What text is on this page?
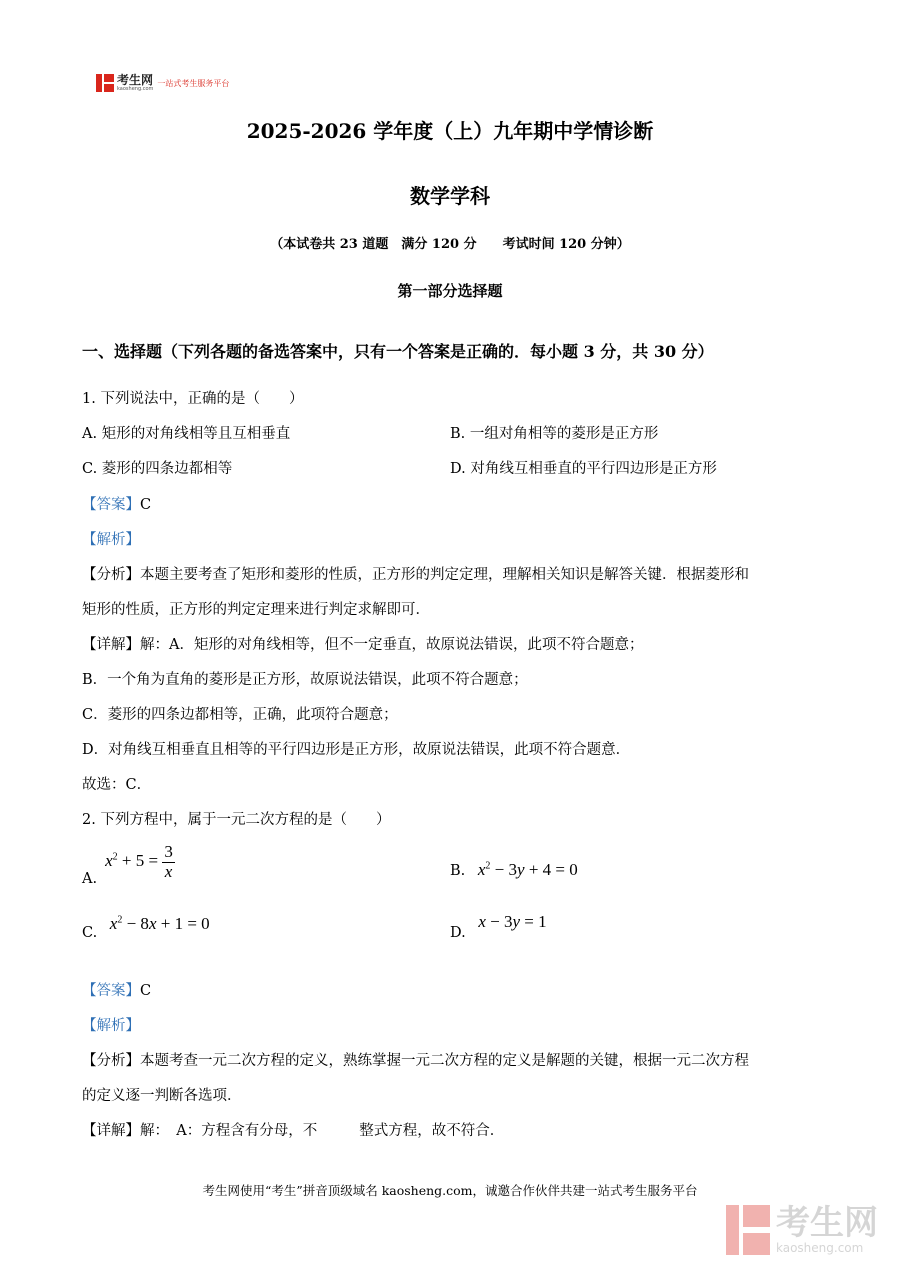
考生网
kaosheng.com
一站式考生服务平台
2025-2026 学年度（上）九年期中学情诊断
数学学科
（本试卷共 23 道题　满分 120 分　　考试时间 120 分钟）
第一部分选择题
一、选择题（下列各题的备选答案中，只有一个答案是正确的．每小题 3 分，共 30 分）
1. 下列说法中，正确的是（　　）
A. 矩形的对角线相等且互相垂直	B. 一组对角相等的菱形是正方形
C. 菱形的四条边都相等	D. 对角线互相垂直的平行四边形是正方形
【答案】C
【解析】
【分析】本题主要考查了矩形和菱形的性质，正方形的判定定理，理解相关知识是解答关键．根据菱形和
矩形的性质，正方形的判定定理来进行判定求解即可．
【详解】解：A．矩形的对角线相等，但不一定垂直，故原说法错误，此项不符合题意；
B．一个角为直角的菱形是正方形，故原说法错误，此项不符合题意；
C．菱形的四条边都相等，正确，此项符合题意；
D．对角线互相垂直且相等的平行四边形是正方形，故原说法错误，此项不符合题意．
故选：C．
2. 下列方程中，属于一元二次方程的是（　　）
A.
$x^2 + 5 = \frac{3}{x}$	B. $x^2 - 3y + 4 = 0$
C. $x^2 - 8x + 1 = 0$	D. x − 3y = 1
【答案】C
【解析】
【分析】本题考查一元二次方程的定义，熟练掌握一元二次方程的定义是解题的关键，根据一元二次方程
的定义逐一判断各选项．
【详解】解：　A：方程含有分母，不	整式方程，故不符合．
考生网使用“考生”拼音顶级域名 kaosheng.com，诚邀合作伙伴共建一站式考生服务平台
考生网
kaosheng.com
